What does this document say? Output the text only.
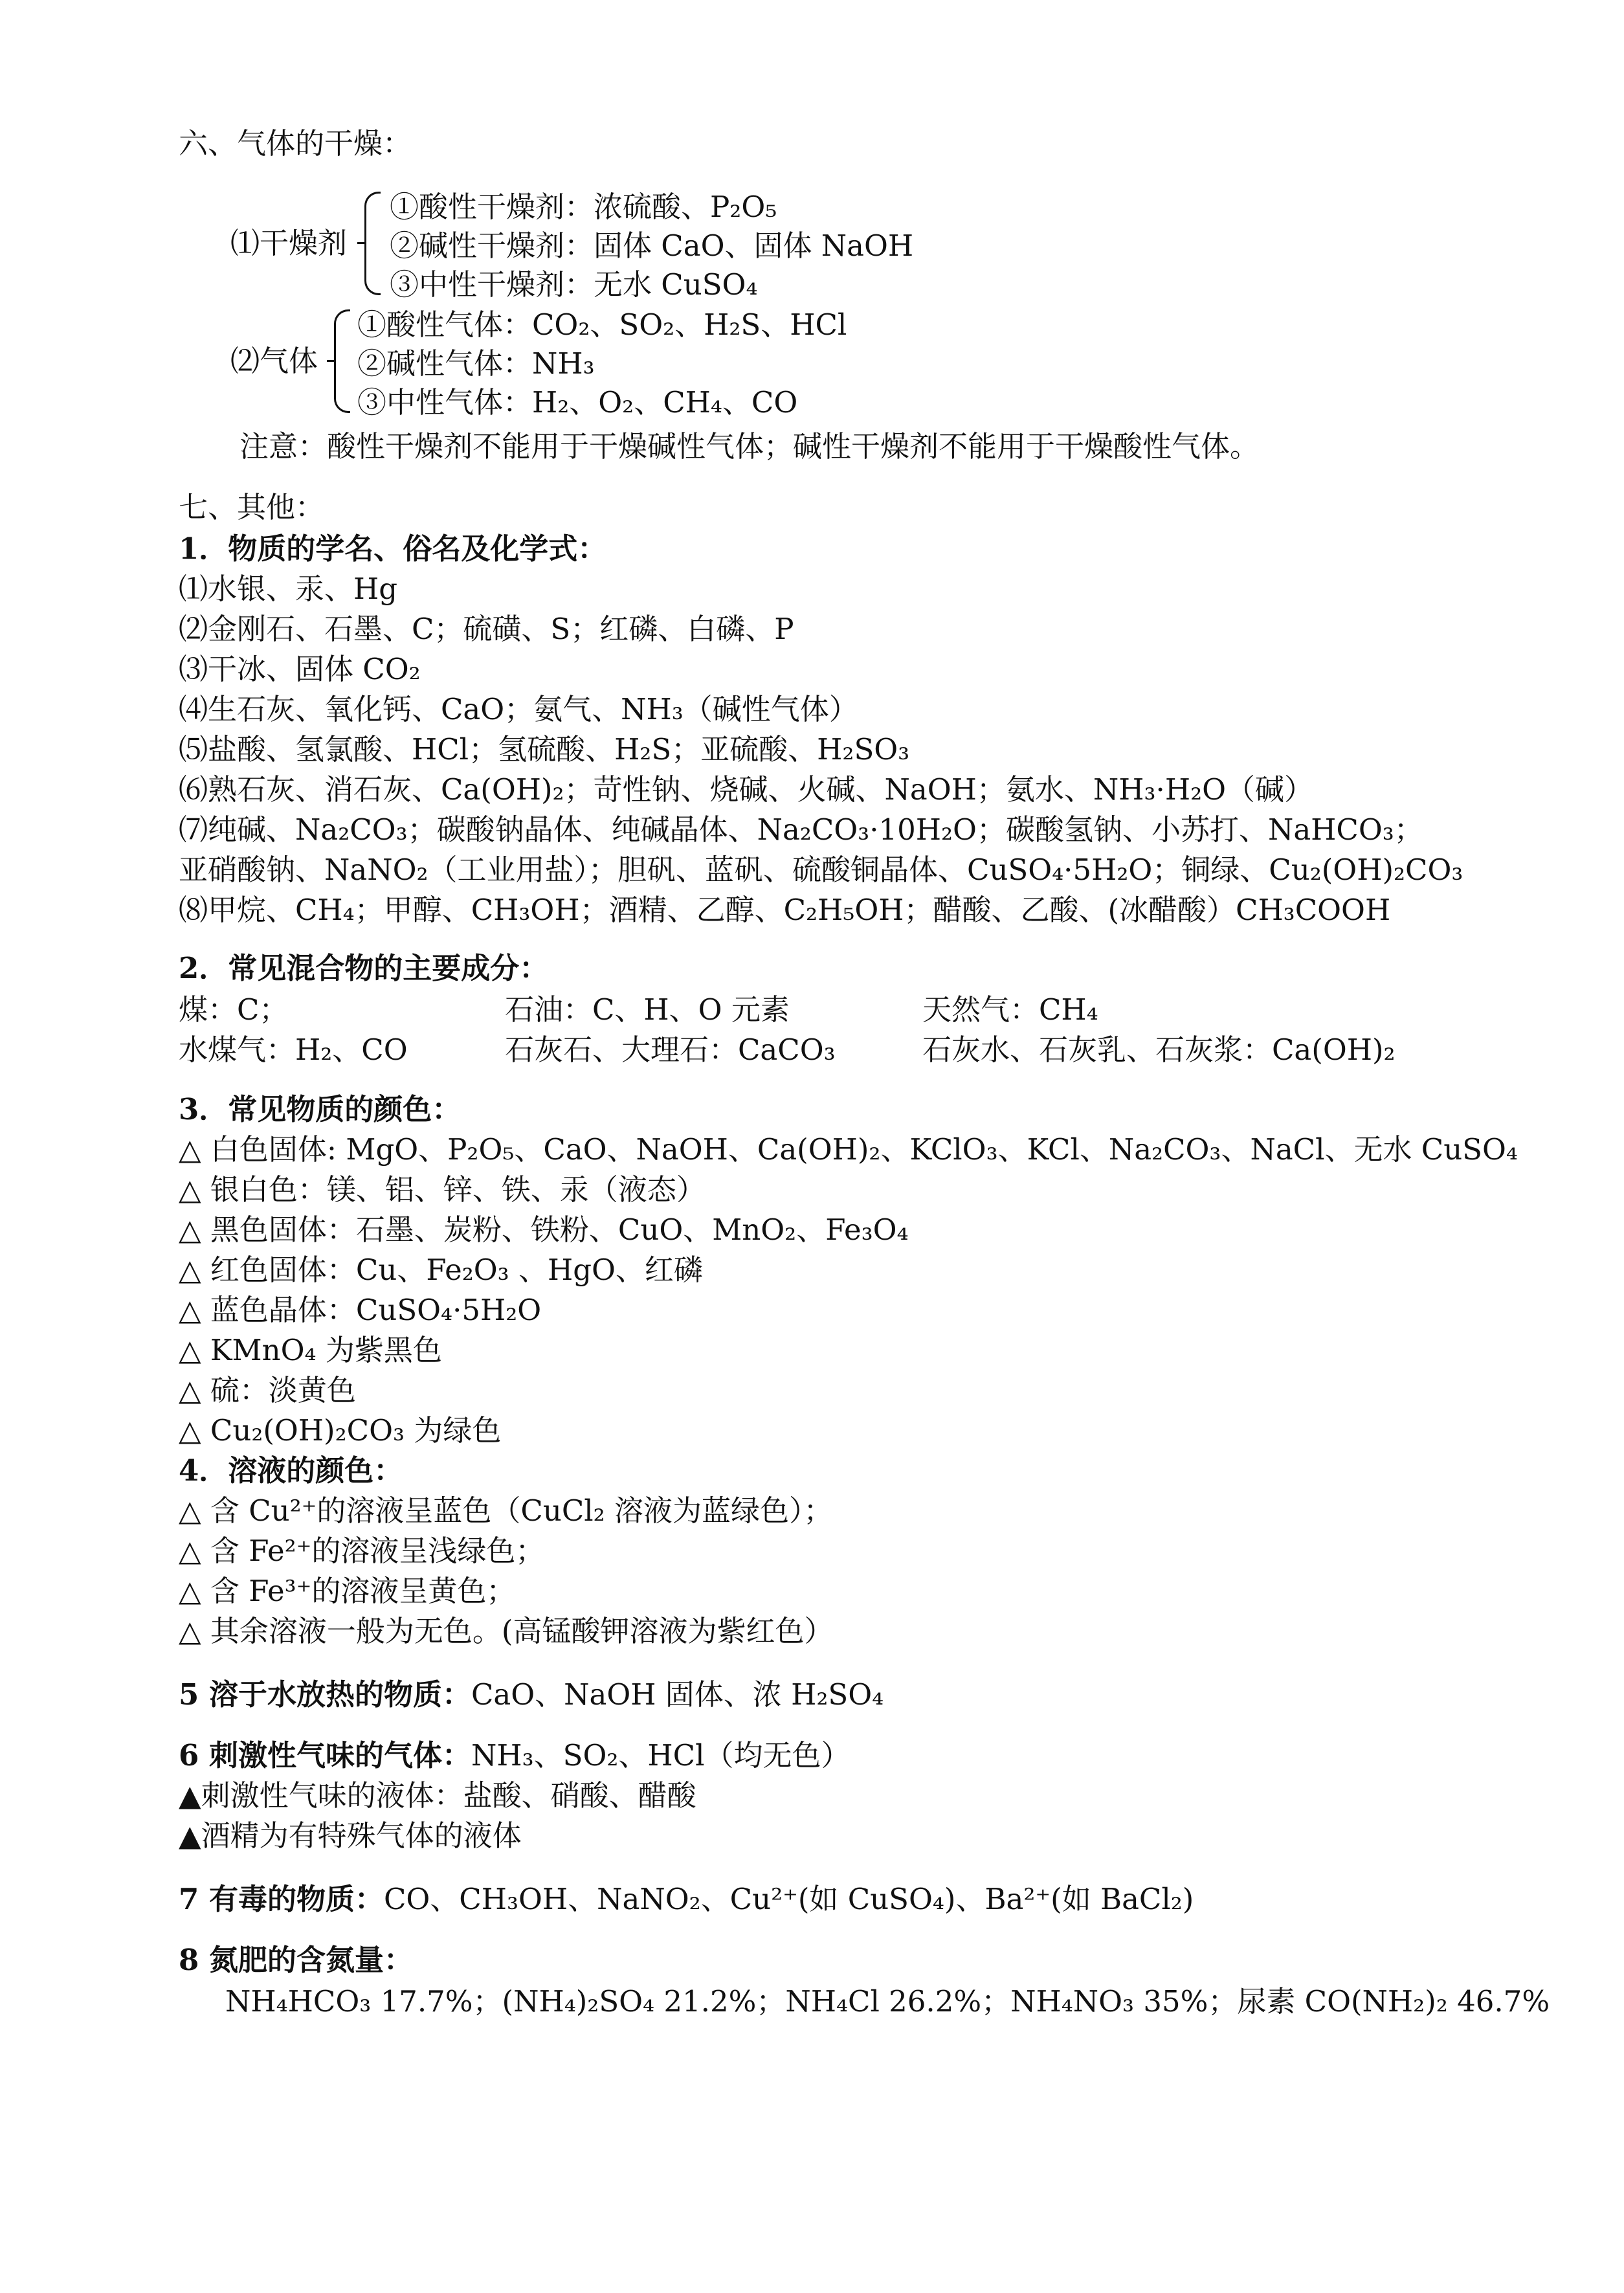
六、气体的干燥：
⑴干燥剂
①酸性干燥剂：浓硫酸、P₂O₅
②碱性干燥剂：固体 CaO、固体 NaOH
③中性干燥剂：无水 CuSO₄
⑵气体
①酸性气体：CO₂、SO₂、H₂S、HCl
②碱性气体：NH₃
③中性气体：H₂、O₂、CH₄、CO
注意：酸性干燥剂不能用于干燥碱性气体；碱性干燥剂不能用于干燥酸性气体。
七、其他：
1．物质的学名、俗名及化学式：
⑴水银、汞、Hg
⑵金刚石、石墨、C；硫磺、S；红磷、白磷、P
⑶干冰、固体 CO₂
⑷生石灰、氧化钙、CaO；氨气、NH₃（碱性气体）
⑸盐酸、氢氯酸、HCl；氢硫酸、H₂S；亚硫酸、H₂SO₃
⑹熟石灰、消石灰、Ca(OH)₂；苛性钠、烧碱、火碱、NaOH；氨水、NH₃·H₂O（碱）
⑺纯碱、Na₂CO₃；碳酸钠晶体、纯碱晶体、Na₂CO₃·10H₂O；碳酸氢钠、小苏打、NaHCO₃；
亚硝酸钠、NaNO₂（工业用盐）；胆矾、蓝矾、硫酸铜晶体、CuSO₄·5H₂O；铜绿、Cu₂(OH)₂CO₃
⑻甲烷、CH₄；甲醇、CH₃OH；酒精、乙醇、C₂H₅OH；醋酸、乙酸、(冰醋酸）CH₃COOH
2．常见混合物的主要成分：
煤：C；	石油：C、H、O 元素	天然气：CH₄
水煤气：H₂、CO	石灰石、大理石：CaCO₃	石灰水、石灰乳、石灰浆：Ca(OH)₂
3．常见物质的颜色：
△ 白色固体: MgO、P₂O₅、CaO、NaOH、Ca(OH)₂、KClO₃、KCl、Na₂CO₃、NaCl、无水 CuSO₄
△ 银白色：镁、铝、锌、铁、汞（液态）
△ 黑色固体：石墨、炭粉、铁粉、CuO、MnO₂、Fe₃O₄
△ 红色固体：Cu、Fe₂O₃ 、HgO、红磷
△ 蓝色晶体：CuSO₄·5H₂O
△ KMnO₄ 为紫黑色
△ 硫：淡黄色
△ Cu₂(OH)₂CO₃ 为绿色
4．溶液的颜色：
△ 含 Cu²⁺的溶液呈蓝色（CuCl₂ 溶液为蓝绿色）；
△ 含 Fe²⁺的溶液呈浅绿色；
△ 含 Fe³⁺的溶液呈黄色；
△ 其余溶液一般为无色。(高锰酸钾溶液为紫红色）
5 溶于水放热的物质：CaO、NaOH 固体、浓 H₂SO₄
6 刺激性气味的气体：NH₃、SO₂、HCl（均无色）
▲刺激性气味的液体：盐酸、硝酸、醋酸
▲酒精为有特殊气体的液体
7 有毒的物质：CO、CH₃OH、NaNO₂、Cu²⁺(如 CuSO₄)、Ba²⁺(如 BaCl₂)
8 氮肥的含氮量：
NH₄HCO₃ 17.7%；(NH₄)₂SO₄ 21.2%；NH₄Cl 26.2%；NH₄NO₃ 35%；尿素 CO(NH₂)₂ 46.7%
